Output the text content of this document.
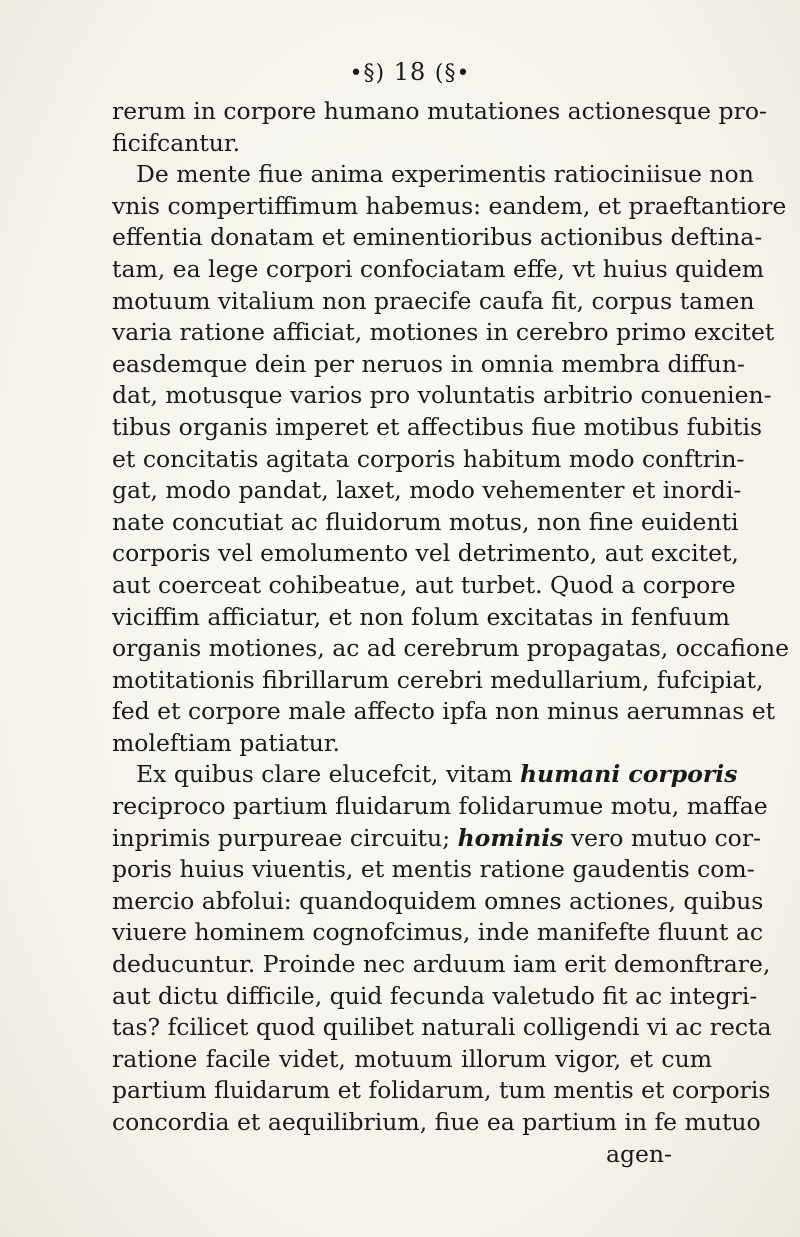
•§) 18 (§•
rerum in corpore humano mutationes actionesque pro-
ficifcantur.
De mente fiue anima experimentis ratiociniisue non
vnis compertiffimum habemus: eandem, et praeftantiore
effentia donatam et eminentioribus actionibus deftina-
tam, ea lege corpori confociatam effe, vt huius quidem
motuum vitalium non praecife caufa fit, corpus tamen
varia ratione afficiat, motiones in cerebro primo excitet
easdemque dein per neruos in omnia membra diffun-
dat, motusque varios pro voluntatis arbitrio conuenien-
tibus organis imperet et affectibus fiue motibus fubitis
et concitatis agitata corporis habitum modo conftrin-
gat, modo pandat, laxet, modo vehementer et inordi-
nate concutiat ac fluidorum motus, non fine euidenti
corporis vel emolumento vel detrimento, aut excitet,
aut coerceat cohibeatue, aut turbet. Quod a corpore
viciffim afficiatur, et non folum excitatas in fenfuum
organis motiones, ac ad cerebrum propagatas, occafione
motitationis fibrillarum cerebri medullarium, fufcipiat,
fed et corpore male affecto ipfa non minus aerumnas et
moleftiam patiatur.
Ex quibus clare elucefcit, vitam humani corporis
reciproco partium fluidarum folidarumue motu, maffae
inprimis purpureae circuitu; hominis vero mutuo cor-
poris huius viuentis, et mentis ratione gaudentis com-
mercio abfolui: quandoquidem omnes actiones, quibus
viuere hominem cognofcimus, inde manifefte fluunt ac
deducuntur. Proinde nec arduum iam erit demonftrare,
aut dictu difficile, quid fecunda valetudo fit ac integri-
tas? fcilicet quod quilibet naturali colligendi vi ac recta
ratione facile videt, motuum illorum vigor, et cum
partium fluidarum et folidarum, tum mentis et corporis
concordia et aequilibrium, fiue ea partium in fe mutuo
agen-
